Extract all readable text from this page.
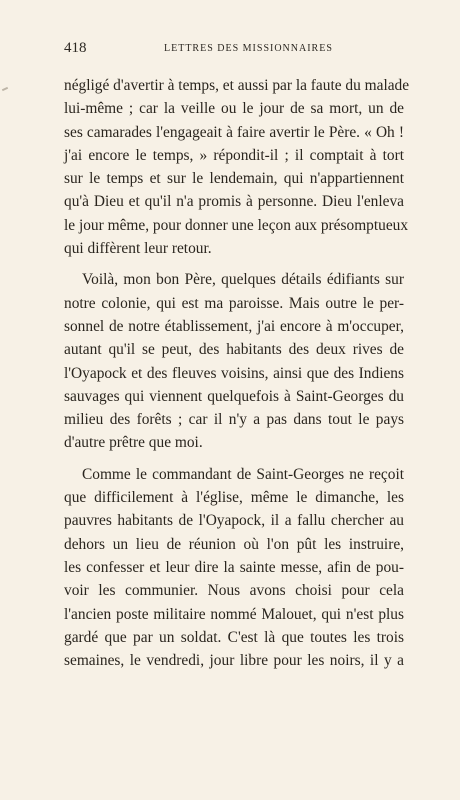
418	LETTRES DES MISSIONNAIRES

négligé d'avertir à temps, et aussi par la faute du malade
lui-même ; car la veille ou le jour de sa mort, un de
ses camarades l'engageait à faire avertir le Père. « Oh !
j'ai encore le temps, » répondit-il ; il comptait à tort
sur le temps et sur le lendemain, qui n'appartiennent
qu'à Dieu et qu'il n'a promis à personne. Dieu l'enleva
le jour même, pour donner une leçon aux présomptueux
qui diffèrent leur retour.

Voilà, mon bon Père, quelques détails édifiants sur
notre colonie, qui est ma paroisse. Mais outre le per-
sonnel de notre établissement, j'ai encore à m'occuper,
autant qu'il se peut, des habitants des deux rives de
l'Oyapock et des fleuves voisins, ainsi que des Indiens
sauvages qui viennent quelquefois à Saint-Georges du
milieu des forêts ; car il n'y a pas dans tout le pays
d'autre prêtre que moi.

Comme le commandant de Saint-Georges ne reçoit
que difficilement à l'église, même le dimanche, les
pauvres habitants de l'Oyapock, il a fallu chercher au
dehors un lieu de réunion où l'on pût les instruire,
les confesser et leur dire la sainte messe, afin de pou-
voir les communier. Nous avons choisi pour cela
l'ancien poste militaire nommé Malouet, qui n'est plus
gardé que par un soldat. C'est là que toutes les trois
semaines, le vendredi, jour libre pour les noirs, il y a
